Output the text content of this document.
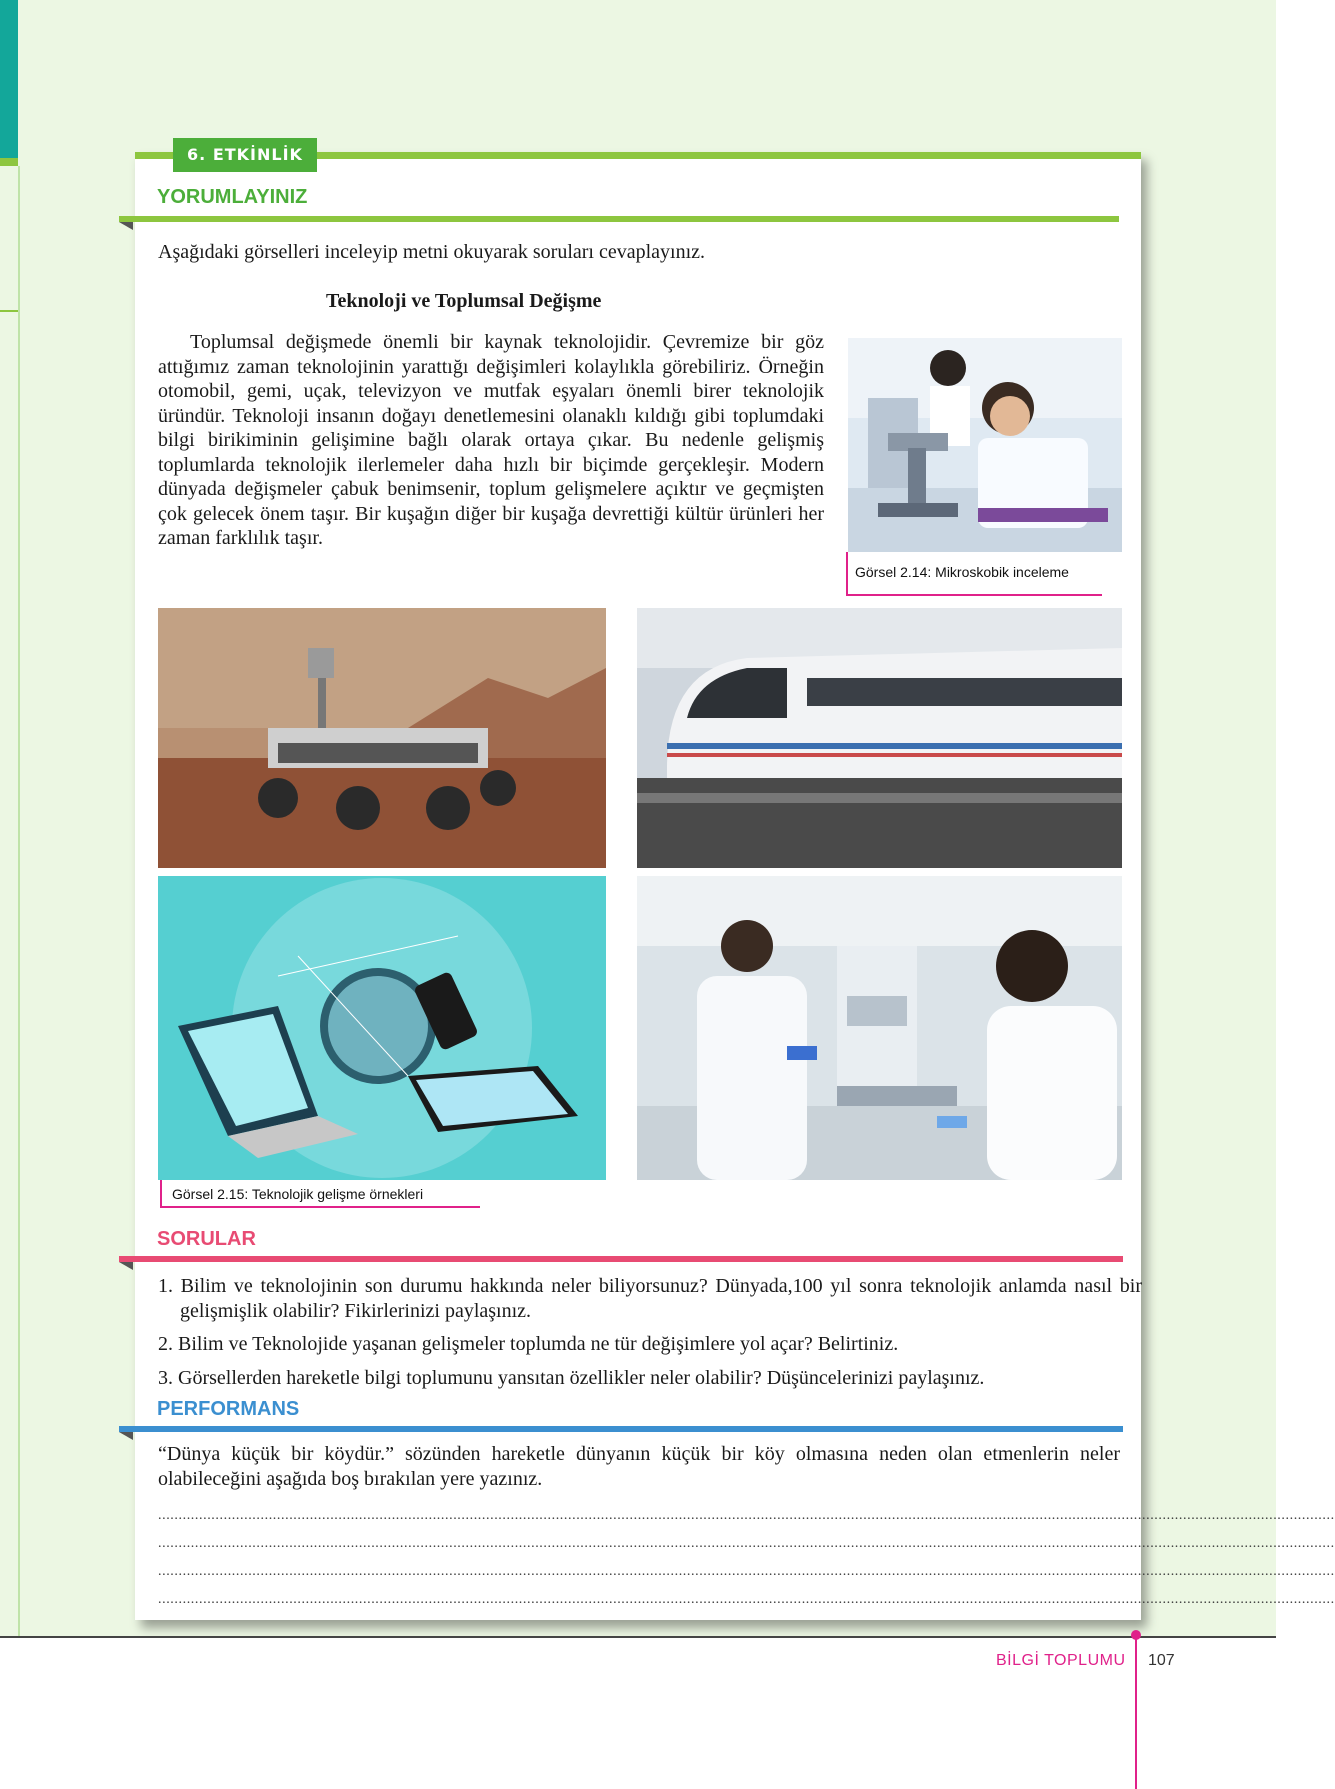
6. ETKİNLİK
YORUMLAYINIZ
Aşağıdaki görselleri inceleyip metni okuyarak soruları cevaplayınız.
Teknoloji ve Toplumsal Değişme
Toplumsal değişmede önemli bir kaynak teknolojidir. Çevremize bir göz attığımız zaman teknolojinin yarattığı değişimleri kolaylıkla görebiliriz. Örneğin otomobil, gemi, uçak, televizyon ve mutfak eşyaları önemli birer teknolojik üründür. Teknoloji insanın doğayı denetlemesini olanaklı kıldığı gibi toplumdaki bilgi birikiminin gelişimine bağlı olarak ortaya çıkar. Bu nedenle gelişmiş toplumlarda teknolojik ilerlemeler daha hızlı bir biçimde gerçekleşir. Modern dünyada değişmeler çabuk benimsenir, toplum gelişmelere açıktır ve geçmişten çok gelecek önem taşır. Bir kuşağın diğer bir kuşağa devrettiği kültür ürünleri her zaman farklılık taşır.
Görsel 2.14: Mikroskobik inceleme
Görsel 2.15: Teknolojik gelişme örnekleri
SORULAR
1. Bilim ve teknolojinin son durumu hakkında neler biliyorsunuz? Dünyada,100 yıl sonra teknolojik anlamda nasıl bir gelişmişlik olabilir? Fikirlerinizi paylaşınız.
2. Bilim ve Teknolojide yaşanan gelişmeler toplumda ne tür değişimlere yol açar? Belirtiniz.
3. Görsellerden hareketle bilgi toplumunu yansıtan özellikler neler olabilir? Düşüncelerinizi paylaşınız.
PERFORMANS
“Dünya küçük bir köydür.” sözünden hareketle dünyanın küçük bir köy olmasına neden olan etmenlerin neler olabileceğini aşağıda boş bırakılan yere yazınız.
...............................................................................................................................................................................................................................................................................................
...............................................................................................................................................................................................................................................................................................
...............................................................................................................................................................................................................................................................................................
...............................................................................................................................................................................................................................................................................................
BİLGİ TOPLUMU 107
